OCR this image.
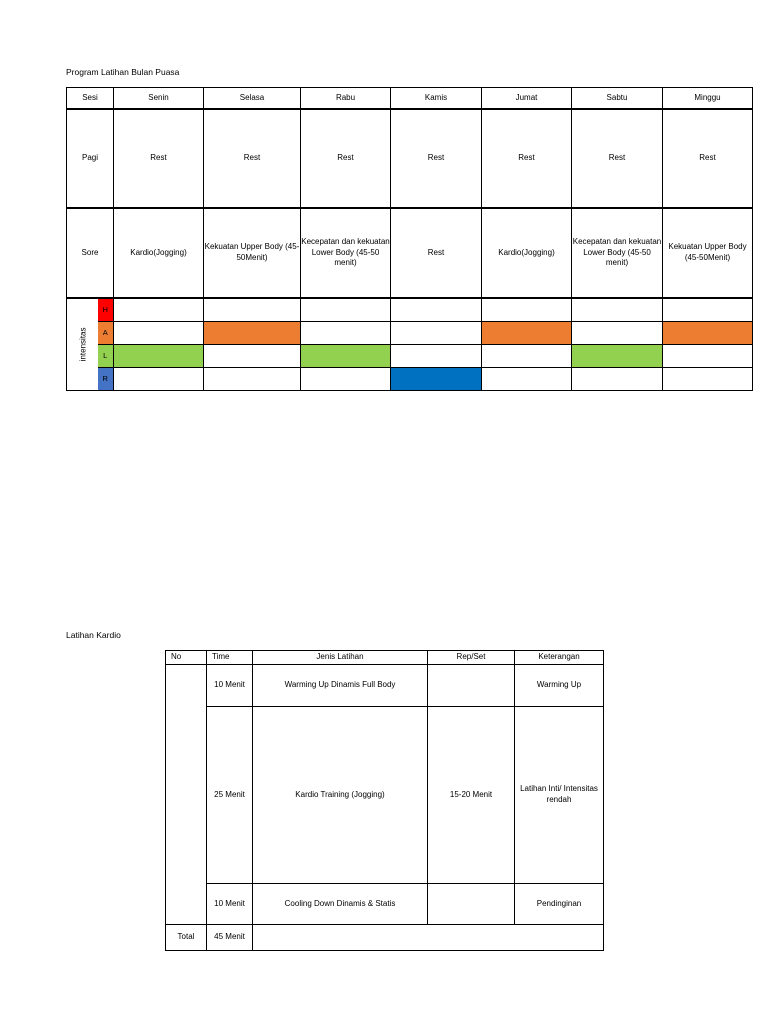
Program Latihan Bulan Puasa
Sesi		Senin	Selasa	Rabu	Kamis	Jumat	Sabtu	Minggu
Pagi		Rest	Rest	Rest	Rest	Rest	Rest	Rest
Sore		Kardio(Jogging)	Kekuatan Upper Body (45-50Menit)	Kecepatan dan kekuatan Lower Body (45-50 menit)	Rest	Kardio(Jogging)	Kecepatan dan kekuatan Lower Body (45-50 menit)	Kekuatan Upper Body (45-50Menit)
intensitas	H							
	A							
	L							
	R							
Latihan Kardio
No	Time	Jenis Latihan	Rep/Set	Keterangan
	10 Menit	Warming Up Dinamis Full Body		Warming Up
	25 Menit	Kardio Training (Jogging)	15-20 Menit	Latihan Inti/ Intensitas rendah
	10 Menit	Cooling Down Dinamis & Statis		Pendinginan
Total	45 Menit			
